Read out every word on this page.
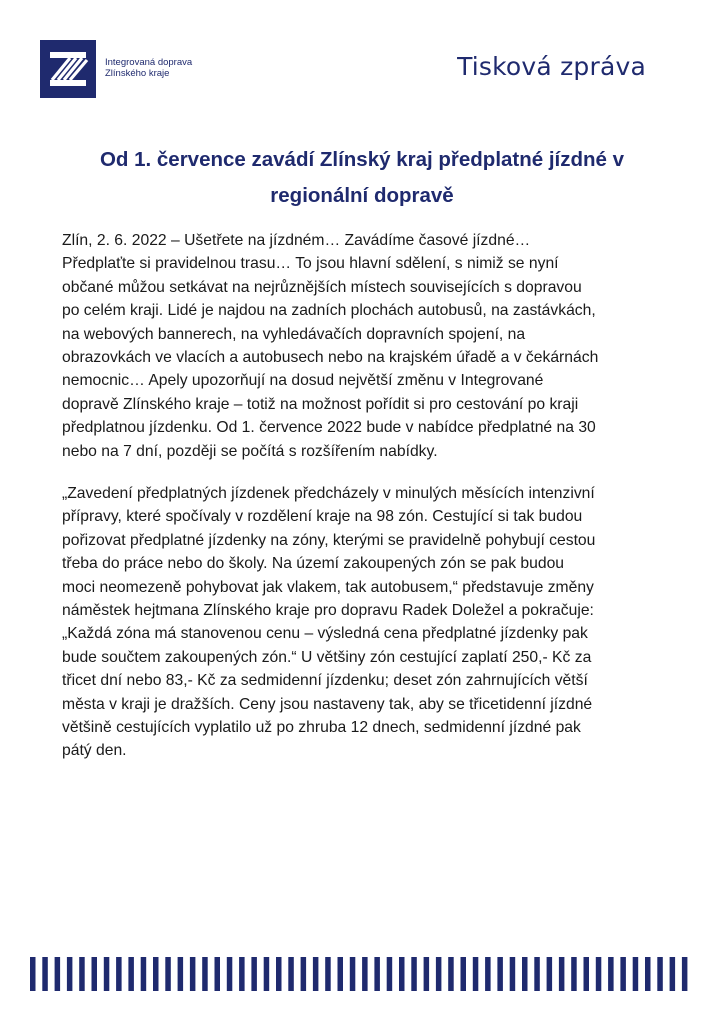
Integrovaná doprava
Zlínského kraje	Tisková zpráva
Od 1. července zavádí Zlínský kraj předplatné jízdné v
regionální dopravě
Zlín, 2. 6. 2022 – Ušetřete na jízdném… Zavádíme časové jízdné…
Předplaťte si pravidelnou trasu… To jsou hlavní sdělení, s nimiž se nyní
občané můžou setkávat na nejrůznějších místech souvisejících s dopravou
po celém kraji. Lidé je najdou na zadních plochách autobusů, na zastávkách,
na webových bannerech, na vyhledávačích dopravních spojení, na
obrazovkách ve vlacích a autobusech nebo na krajském úřadě a v čekárnách
nemocnic… Apely upozorňují na dosud největší změnu v Integrované
dopravě Zlínského kraje – totiž na možnost pořídit si pro cestování po kraji
předplatnou jízdenku. Od 1. července 2022 bude v nabídce předplatné na 30
nebo na 7 dní, později se počítá s rozšířením nabídky.
„Zavedení předplatných jízdenek předcházely v minulých měsících intenzivní
přípravy, které spočívaly v rozdělení kraje na 98 zón. Cestující si tak budou
pořizovat předplatné jízdenky na zóny, kterými se pravidelně pohybují cestou
třeba do práce nebo do školy. Na území zakoupených zón se pak budou
moci neomezeně pohybovat jak vlakem, tak autobusem,“ představuje změny
náměstek hejtmana Zlínského kraje pro dopravu Radek Doležel a pokračuje:
„Každá zóna má stanovenou cenu – výsledná cena předplatné jízdenky pak
bude součtem zakoupených zón.“ U většiny zón cestující zaplatí 250,- Kč za
třicet dní nebo 83,- Kč za sedmidenní jízdenku; deset zón zahrnujících větší
města v kraji je dražších. Ceny jsou nastaveny tak, aby se třicetidenní jízdné
většině cestujících vyplatilo už po zhruba 12 dnech, sedmidenní jízdné pak
pátý den.
